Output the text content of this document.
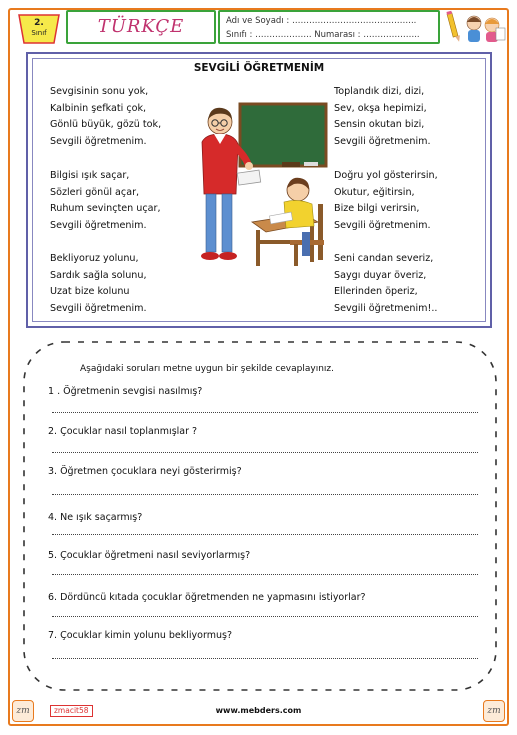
2.
Sınıf	TÜRKÇE	Adı ve Soyadı : ……………………………………..
Sınıfı : ……………….. Numarası : ………………..
SEVGİLİ ÖĞRETMENİM
Sevgisinin sonu yok,
Kalbinin şefkati çok,
Gönlü büyük, gözü tok,
Sevgili öğretmenim.
Bilgisi ışık saçar,
Sözleri gönül açar,
Ruhum sevinçten uçar,
Sevgili öğretmenim.
Bekliyoruz yolunu,
Sardık sağla solunu,
Uzat bize kolunu
Sevgili öğretmenim.
Toplandık dizi, dizi,
Sev, okşa hepimizi,
Sensin okutan bizi,
Sevgili öğretmenim.
Doğru yol gösterirsin,
Okutur, eğitirsin,
Bize bilgi verirsin,
Sevgili öğretmenim.
Seni candan severiz,
Saygı duyar överiz,
Ellerinden öperiz,
Sevgili öğretmenim!..
Aşağıdaki soruları metne uygun bir şekilde cevaplayınız.
1 . Öğretmenin sevgisi nasılmış?
2. Çocuklar nasıl toplanmışlar ?
3. Öğretmen çocuklara neyi gösterirmiş?
4. Ne ışık saçarmış?
5. Çocuklar öğretmeni nasıl seviyorlarmış?
6. Dördüncü kıtada çocuklar öğretmenden ne yapmasını istiyorlar?
7. Çocuklar kimin yolunu bekliyormuş?
zm	zmacit58	www.mebders.com	zm
